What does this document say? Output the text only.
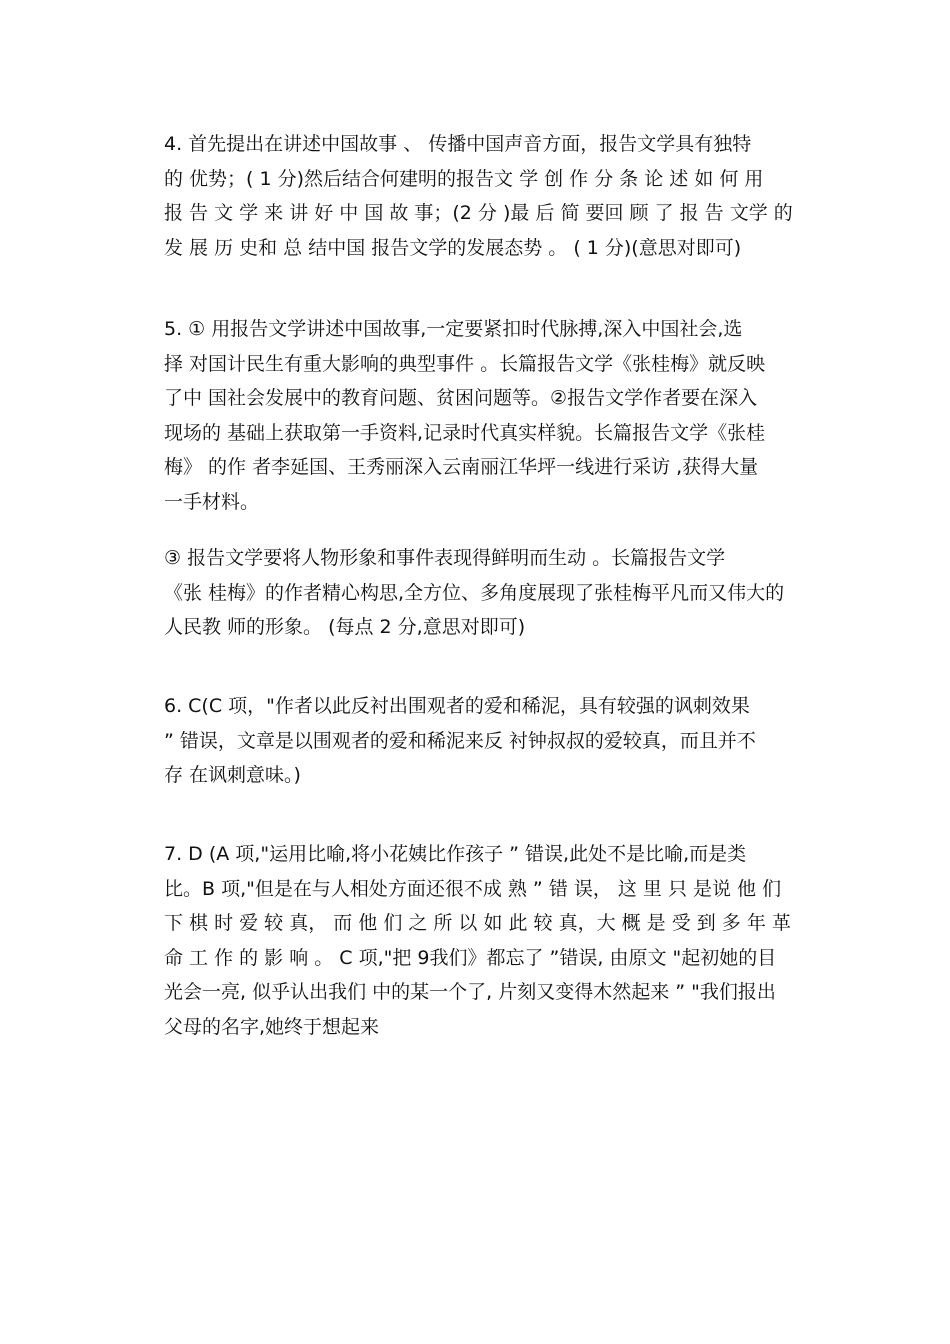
4. 首先提出在讲述中国故事 、 传播中国声音方面，报告文学具有独特
的 优势；( 1 分)然后结合何建明的报告文 学 创 作 分 条 论 述 如 何 用
报 告 文 学 来 讲 好 中 国 故 事；(2 分 )最 后 简 要回 顾 了 报 告 文学 的
发 展 历 史和 总 结中国 报告文学的发展态势 。 ( 1 分)(意思对即可)
5. ① 用报告文学讲述中国故事,一定要紧扣时代脉搏,深入中国社会,选
择 对国计民生有重大影响的典型事件 。长篇报告文学《张桂梅》就反映
了中 国社会发展中的教育问题、贫困问题等。②报告文学作者要在深入
现场的 基础上获取第一手资料,记录时代真实样貌。长篇报告文学《张桂
梅》 的作 者李延国、王秀丽深入云南丽江华坪一线进行采访 ,获得大量
一手材料。
③ 报告文学要将人物形象和事件表现得鲜明而生动 。长篇报告文学
《张 桂梅》的作者精心构思,全方位、多角度展现了张桂梅平凡而又伟大的
人民教 师的形象。 (每点 2 分,意思对即可)
6. C(C 项，"作者以此反衬出围观者的爱和稀泥，具有较强的讽刺效果
” 错误，文章是以围观者的爱和稀泥来反 衬钟叔叔的爱较真，而且并不
存 在讽刺意味。)
7. D (A 项,"运用比喻,将小花姨比作孩子 ” 错误,此处不是比喻,而是类
比。B 项,"但是在与人相处方面还很不成 熟 ” 错 误， 这 里 只 是说 他 们
下 棋 时 爱 较 真， 而 他 们 之 所 以 如 此 较 真，大 概 是 受 到 多 年 革
命 工 作 的 影 响 。 C 项,"把 9我们》都忘了 ”错误, 由原文 "起初她的目
光会一亮, 似乎认出我们 中的某一个了, 片刻又变得木然起来 ” "我们报出
父母的名字,她终于想起来
